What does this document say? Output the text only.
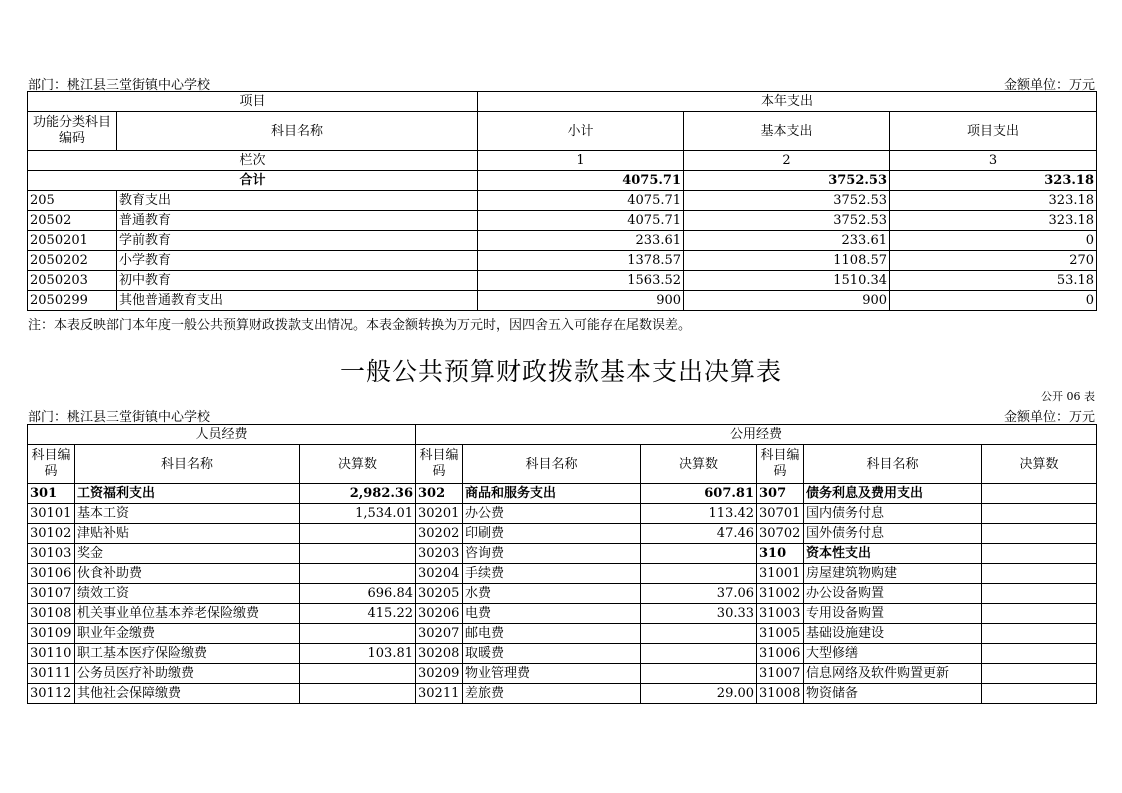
部门：桃江县三堂街镇中心学校	金额单位：万元
项目		本年支出		
功能分类科目编码	科目名称	小计	基本支出	项目支出
栏次		1	2	3
合计		4075.71	3752.53	323.18
205	教育支出	4075.71	3752.53	323.18
20502	普通教育	4075.71	3752.53	323.18
2050201	学前教育	233.61	233.61	0
2050202	小学教育	1378.57	1108.57	270
2050203	初中教育	1563.52	1510.34	53.18
2050299	其他普通教育支出	900	900	0
注：本表反映部门本年度一般公共预算财政拨款支出情况。本表金额转换为万元时，因四舍五入可能存在尾数误差。
一般公共预算财政拨款基本支出决算表
公开 06 表
部门：桃江县三堂街镇中心学校	金额单位：万元
人员经费			公用经费					
科目编码	科目名称	决算数	科目编码	科目名称	决算数	科目编码	科目名称	决算数
301	工资福利支出	2,982.36	302	商品和服务支出	607.81	307	债务利息及费用支出	
30101	基本工资	1,534.01	30201	办公费	113.42	30701	国内债务付息	
30102	津贴补贴		30202	印刷费	47.46	30702	国外债务付息	
30103	奖金		30203	咨询费		310	资本性支出	
30106	伙食补助费		30204	手续费		31001	房屋建筑物购建	
30107	绩效工资	696.84	30205	水费	37.06	31002	办公设备购置	
30108	机关事业单位基本养老保险缴费	415.22	30206	电费	30.33	31003	专用设备购置	
30109	职业年金缴费		30207	邮电费		31005	基础设施建设	
30110	职工基本医疗保险缴费	103.81	30208	取暖费		31006	大型修缮	
30111	公务员医疗补助缴费		30209	物业管理费		31007	信息网络及软件购置更新	
30112	其他社会保障缴费		30211	差旅费	29.00	31008	物资储备	
